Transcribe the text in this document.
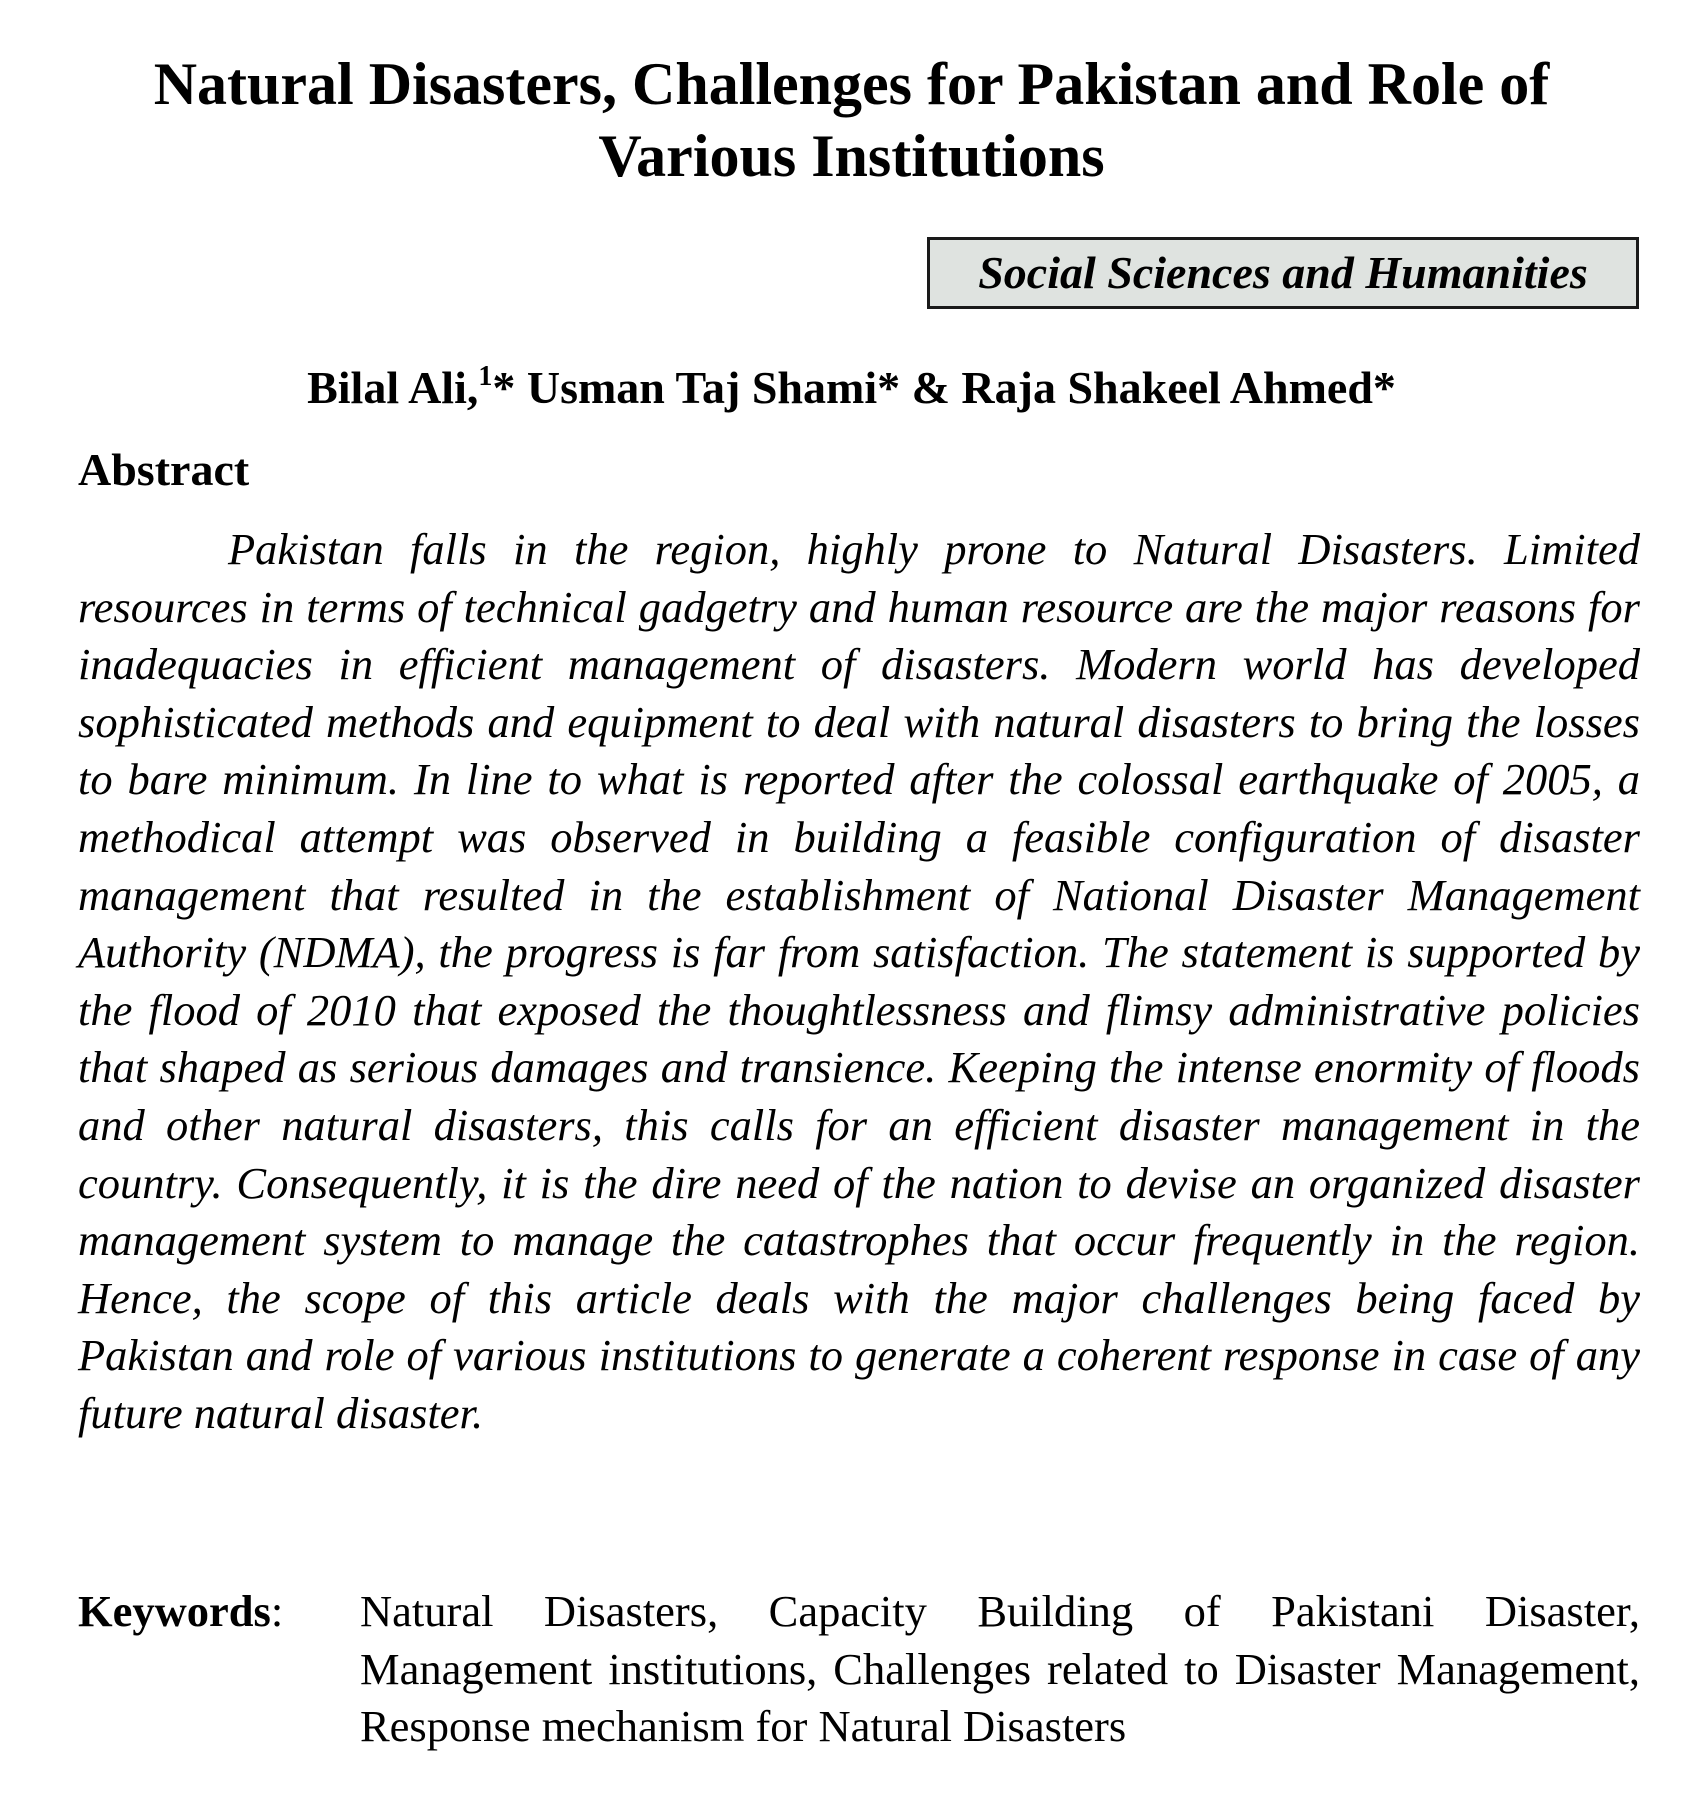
Natural Disasters, Challenges for Pakistan and Role of Various Institutions
Social Sciences and Humanities
Bilal Ali,$^1$* Usman Taj Shami* & Raja Shakeel Ahmed*
Abstract

Pakistan falls in the region, highly prone to Natural Disasters. Limited resources in terms of technical gadgetry and human resource are the major reasons for inadequacies in efficient management of disasters. Modern world has developed sophisticated methods and equipment to deal with natural disasters to bring the losses to bare minimum. In line to what is reported after the colossal earthquake of 2005, a methodical attempt was observed in building a feasible configuration of disaster management that resulted in the establishment of National Disaster Management Authority (NDMA), the progress is far from satisfaction. The statement is supported by the flood of 2010 that exposed the thoughtlessness and flimsy administrative policies that shaped as serious damages and transience. Keeping the intense enormity of floods and other natural disasters, this calls for an efficient disaster management in the country. Consequently, it is the dire need of the nation to devise an organized disaster management system to manage the catastrophes that occur frequently in the region. Hence, the scope of this article deals with the major challenges being faced by Pakistan and role of various institutions to generate a coherent response in case of any future natural disaster.

Keywords:	Natural Disasters, Capacity Building of Pakistani Disaster, Management institutions, Challenges related to Disaster Management, Response mechanism for Natural Disasters
